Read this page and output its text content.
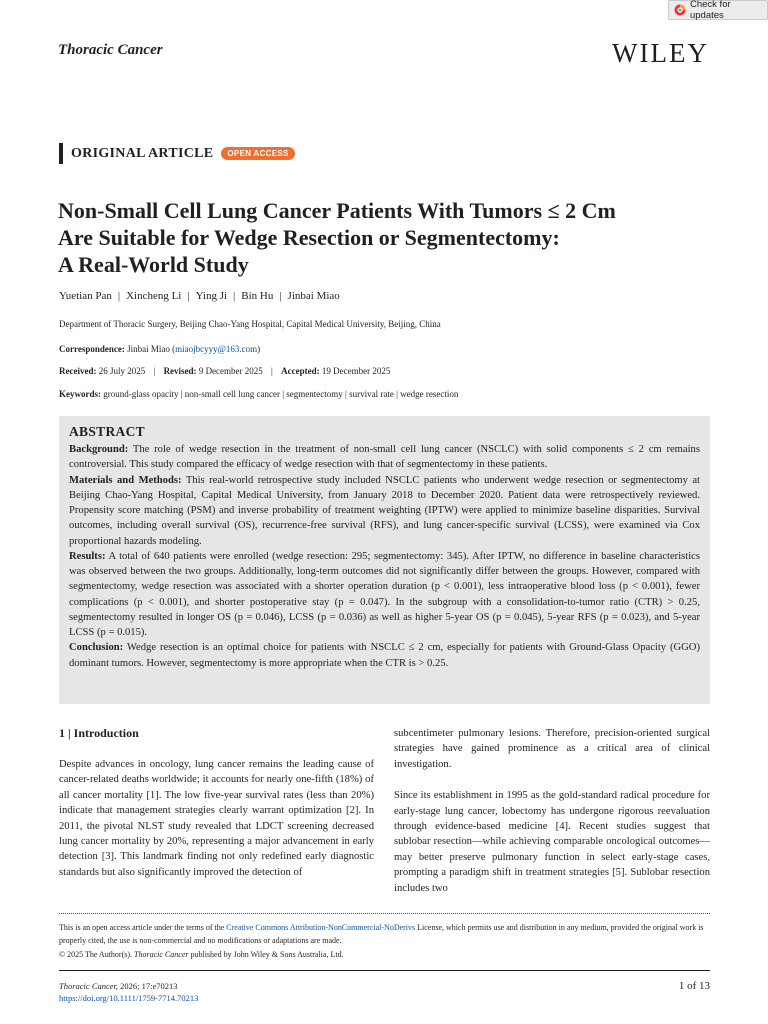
Check for updates
Thoracic Cancer	WILEY
ORIGINAL ARTICLE	OPEN ACCESS
Non-Small Cell Lung Cancer Patients With Tumors ≤ 2 Cm
Are Suitable for Wedge Resection or Segmentectomy:
A Real-World Study
Yuetian Pan | Xincheng Li | Ying Ji | Bin Hu | Jinbai Miao
Department of Thoracic Surgery, Beijing Chao-Yang Hospital, Capital Medical University, Beijing, China
Correspondence: Jinbai Miao (miaojbcyyy@163.com)
Received: 26 July 2025 | Revised: 9 December 2025 | Accepted: 19 December 2025
Keywords: ground-glass opacity | non-small cell lung cancer | segmentectomy | survival rate | wedge resection
ABSTRACT

Background: The role of wedge resection in the treatment of non-small cell lung cancer (NSCLC) with solid components ≤ 2 cm remains controversial. This study compared the efficacy of wedge resection with that of segmentectomy in these patients.

Materials and Methods: This real-world retrospective study included NSCLC patients who underwent wedge resection or segmentectomy at Beijing Chao-Yang Hospital, Capital Medical University, from January 2018 to December 2020. Patient data were retrospectively reviewed. Propensity score matching (PSM) and inverse probability of treatment weighting (IPTW) were applied to minimize baseline disparities. Survival outcomes, including overall survival (OS), recurrence-free survival (RFS), and lung cancer-specific survival (LCSS), were examined via Cox proportional hazards modeling.

Results: A total of 640 patients were enrolled (wedge resection: 295; segmentectomy: 345). After IPTW, no difference in baseline characteristics was observed between the two groups. Additionally, long-term outcomes did not significantly differ between the groups. However, compared with segmentectomy, wedge resection was associated with a shorter operation duration (p < 0.001), less intraoperative blood loss (p < 0.001), fewer complications (p < 0.001), and shorter postoperative stay (p = 0.047). In the subgroup with a consolidation-to-tumor ratio (CTR) > 0.25, segmentectomy resulted in longer OS (p = 0.046), LCSS (p = 0.036) as well as higher 5-year OS (p = 0.045), 5-year RFS (p = 0.023), and 5-year LCSS (p = 0.015).

Conclusion: Wedge resection is an optimal choice for patients with NSCLC ≤ 2 cm, especially for patients with Ground-Glass Opacity (GGO) dominant tumors. However, segmentectomy is more appropriate when the CTR is > 0.25.

1 | Introduction
Despite advances in oncology, lung cancer remains the leading cause of cancer-related deaths worldwide; it accounts for nearly one-fifth (18%) of all cancer mortality [1]. The low five-year survival rates (less than 20%) indicate that management strategies clearly warrant optimization [2]. In 2011, the pivotal NLST study revealed that LDCT screening decreased lung cancer mortality by 20%, representing a major advancement in early detection [3]. This landmark finding not only redefined early diagnostic standards but also significantly improved the detection of
subcentimeter pulmonary lesions. Therefore, precision-oriented surgical strategies have gained prominence as a critical area of clinical investigation.
Since its establishment in 1995 as the gold-standard radical procedure for early-stage lung cancer, lobectomy has undergone rigorous reevaluation through evidence-based medicine [4]. Recent studies suggest that sublobar resection—while achieving comparable oncological outcomes—may better preserve pulmonary function in select early-stage cases, prompting a paradigm shift in treatment strategies [5]. Sublobar resection includes two
This is an open access article under the terms of the Creative Commons Attribution-NonCommercial-NoDerivs License, which permits use and distribution in any medium, provided the original work is properly cited, the use is non-commercial and no modifications or adaptations are made.
© 2025 The Author(s). Thoracic Cancer published by John Wiley & Sons Australia, Ltd.
Thoracic Cancer, 2026; 17:e70213
https://doi.org/10.1111/1759-7714.70213
1 of 13
